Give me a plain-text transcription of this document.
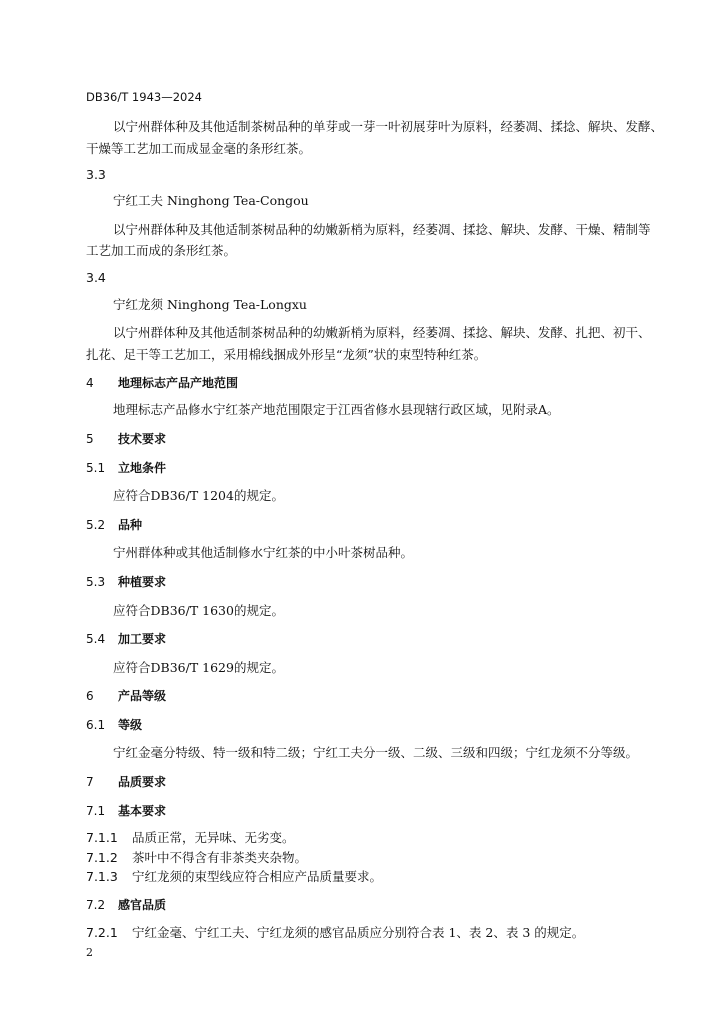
DB36/T 1943—2024
以宁州群体种及其他适制茶树品种的单芽或一芽一叶初展芽叶为原料，经萎凋、揉捻、解块、发酵、
干燥等工艺加工而成显金毫的条形红茶。
3.3
宁红工夫 Ninghong Tea-Congou
以宁州群体种及其他适制茶树品种的幼嫩新梢为原料，经萎凋、揉捻、解块、发酵、干燥、精制等
工艺加工而成的条形红茶。
3.4
宁红龙须 Ninghong Tea-Longxu
以宁州群体种及其他适制茶树品种的幼嫩新梢为原料，经萎凋、揉捻、解块、发酵、扎把、初干、
扎花、足干等工艺加工，采用棉线捆成外形呈“龙须”状的束型特种红茶。
4 地理标志产品产地范围
地理标志产品修水宁红茶产地范围限定于江西省修水县现辖行政区域，见附录A。
5 技术要求
5.1 立地条件
应符合DB36/T 1204的规定。
5.2 品种
宁州群体种或其他适制修水宁红茶的中小叶茶树品种。
5.3 种植要求
应符合DB36/T 1630的规定。
5.4 加工要求
应符合DB36/T 1629的规定。
6 产品等级
6.1 等级
宁红金毫分特级、特一级和特二级；宁红工夫分一级、二级、三级和四级；宁红龙须不分等级。
7 品质要求
7.1 基本要求
7.1.1 品质正常，无异味、无劣变。
7.1.2 茶叶中不得含有非茶类夹杂物。
7.1.3 宁红龙须的束型线应符合相应产品质量要求。
7.2 感官品质
7.2.1 宁红金毫、宁红工夫、宁红龙须的感官品质应分别符合表 1、表 2、表 3 的规定。
2
